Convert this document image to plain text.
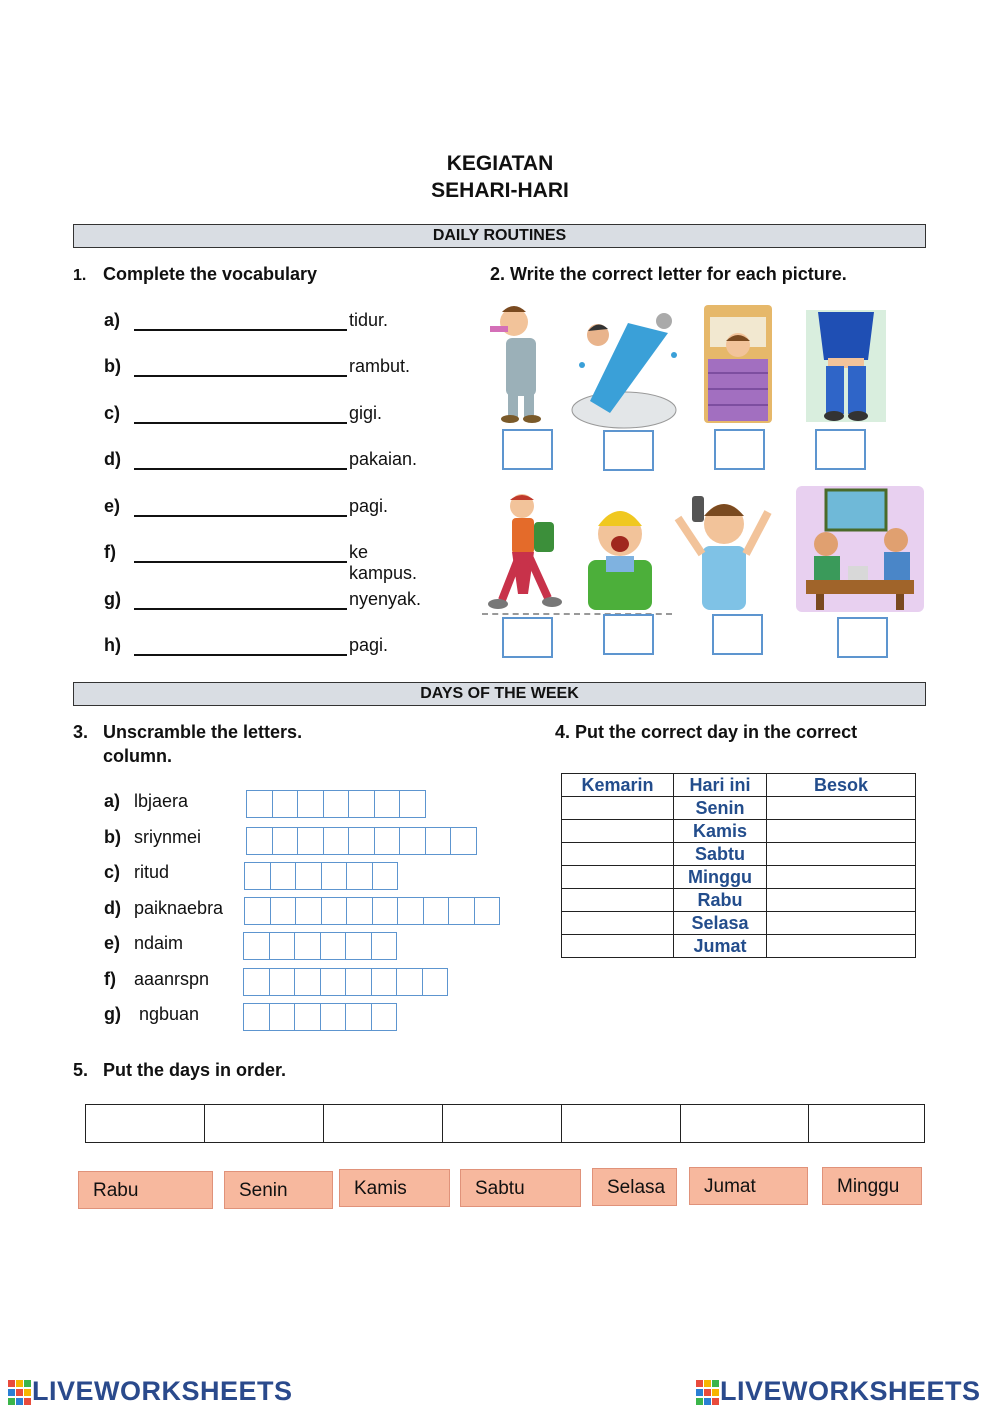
KEGIATAN
SEHARI-HARI
DAILY ROUTINES
1. Complete the vocabulary	2. Write the correct letter for each picture.
a)	tidur.
b)	rambut.
c)	gigi.
d)	pakaian.
e)	pagi.
f)	ke kampus.
g)	nyenyak.
h)	pagi.
DAYS OF THE WEEK
3. Unscramble the letters.
column.
4. Put the correct day in the correct
a) lbjaera
b) sriynmei
c) ritud
d) paiknaebra
e) ndaim
f) aaanrspn
g) ngbuan
Kemarin	Hari ini	Besok
	Senin	
	Kamis	
	Sabtu	
	Minggu	
	Rabu	
	Selasa	
	Jumat	
5. Put the days in order.

Rabu	Senin	Kamis	Sabtu	Selasa	Jumat	Minggu
LIVEWORKSHEETS	LIVEWORKSHEETS
